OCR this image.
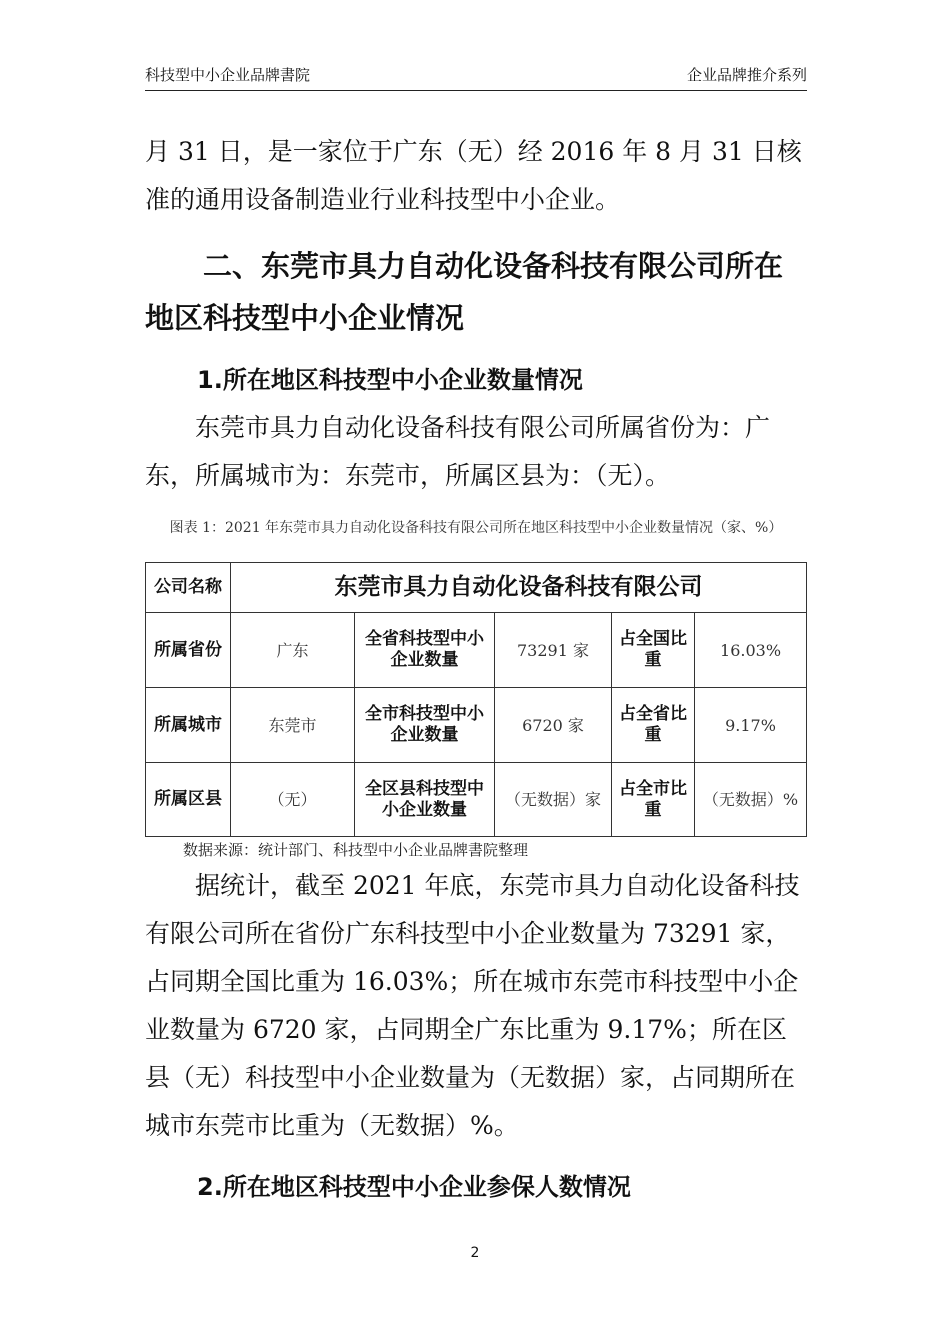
科技型中小企业品牌書院	企业品牌推介系列
月 31 日，是一家位于广东（无）经 2016 年 8 月 31 日核准的通用设备制造业行业科技型中小企业。
二、东莞市具力自动化设备科技有限公司所在地区科技型中小企业情况
1.所在地区科技型中小企业数量情况
东莞市具力自动化设备科技有限公司所属省份为：广东，所属城市为：东莞市，所属区县为：（无）。
图表 1：2021 年东莞市具力自动化设备科技有限公司所在地区科技型中小企业数量情况（家、%）
公司名称	东莞市具力自动化设备科技有限公司				
所属省份	广东	全省科技型中小企业数量	73291 家	占全国比重	16.03%
所属城市	东莞市	全市科技型中小企业数量	6720 家	占全省比重	9.17%
所属区县	（无）	全区县科技型中小企业数量	（无数据）家	占全市比重	（无数据）%
数据来源：统计部门、科技型中小企业品牌書院整理
据统计，截至 2021 年底，东莞市具力自动化设备科技有限公司所在省份广东科技型中小企业数量为 73291 家，占同期全国比重为 16.03%；所在城市东莞市科技型中小企业数量为 6720 家，占同期全广东比重为 9.17%；所在区县（无）科技型中小企业数量为（无数据）家，占同期所在城市东莞市比重为（无数据）%。
2.所在地区科技型中小企业参保人数情况
2
